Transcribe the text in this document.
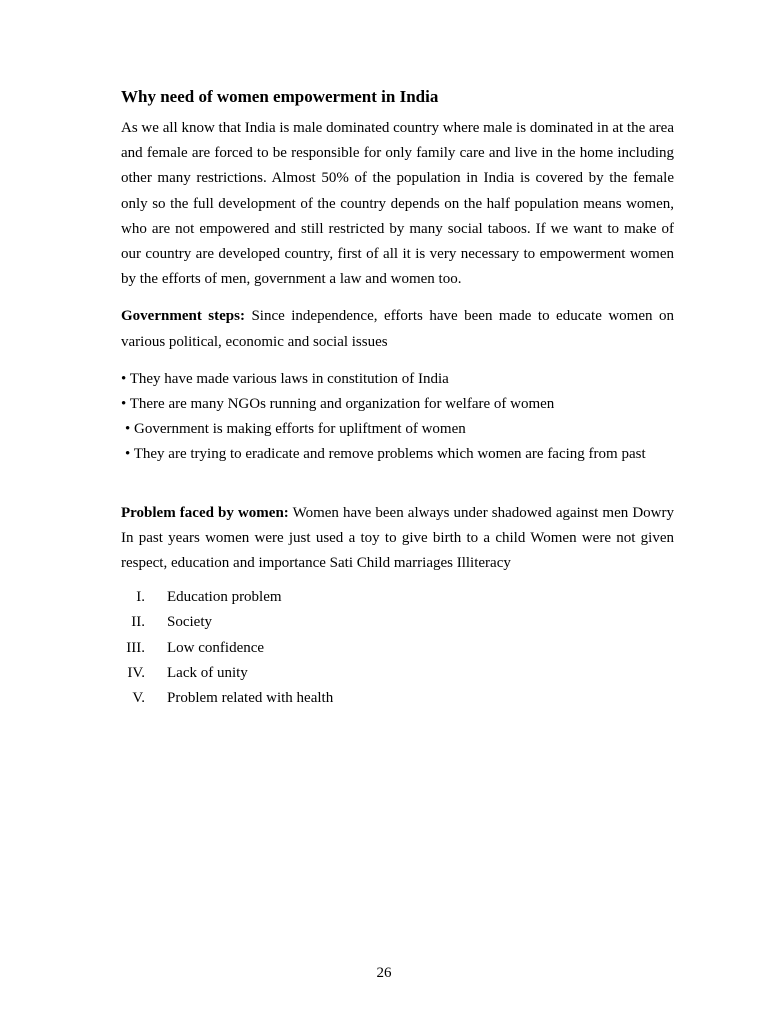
Why need of women empowerment in India

As we all know that India is male dominated country where male is dominated in at the area and female are forced to be responsible for only family care and live in the home including other many restrictions. Almost 50% of the population in India is covered by the female only so the full development of the country depends on the half population means women, who are not empowered and still restricted by many social taboos. If we want to make of our country are developed country, first of all it is very necessary to empowerment women by the efforts of men, government a law and women too.

Government steps: Since independence, efforts have been made to educate women on various political, economic and social issues

• They have made various laws in constitution of India
• There are many NGOs running and organization for welfare of women
• Government is making efforts for upliftment of women
• They are trying to eradicate and remove problems which women are facing from past

Problem faced by women: Women have been always under shadowed against men Dowry In past years women were just used a toy to give birth to a child Women were not given respect, education and importance Sati Child marriages Illiteracy

I. Education problem
II. Society
III. Low confidence
IV. Lack of unity
V. Problem related with health
26
